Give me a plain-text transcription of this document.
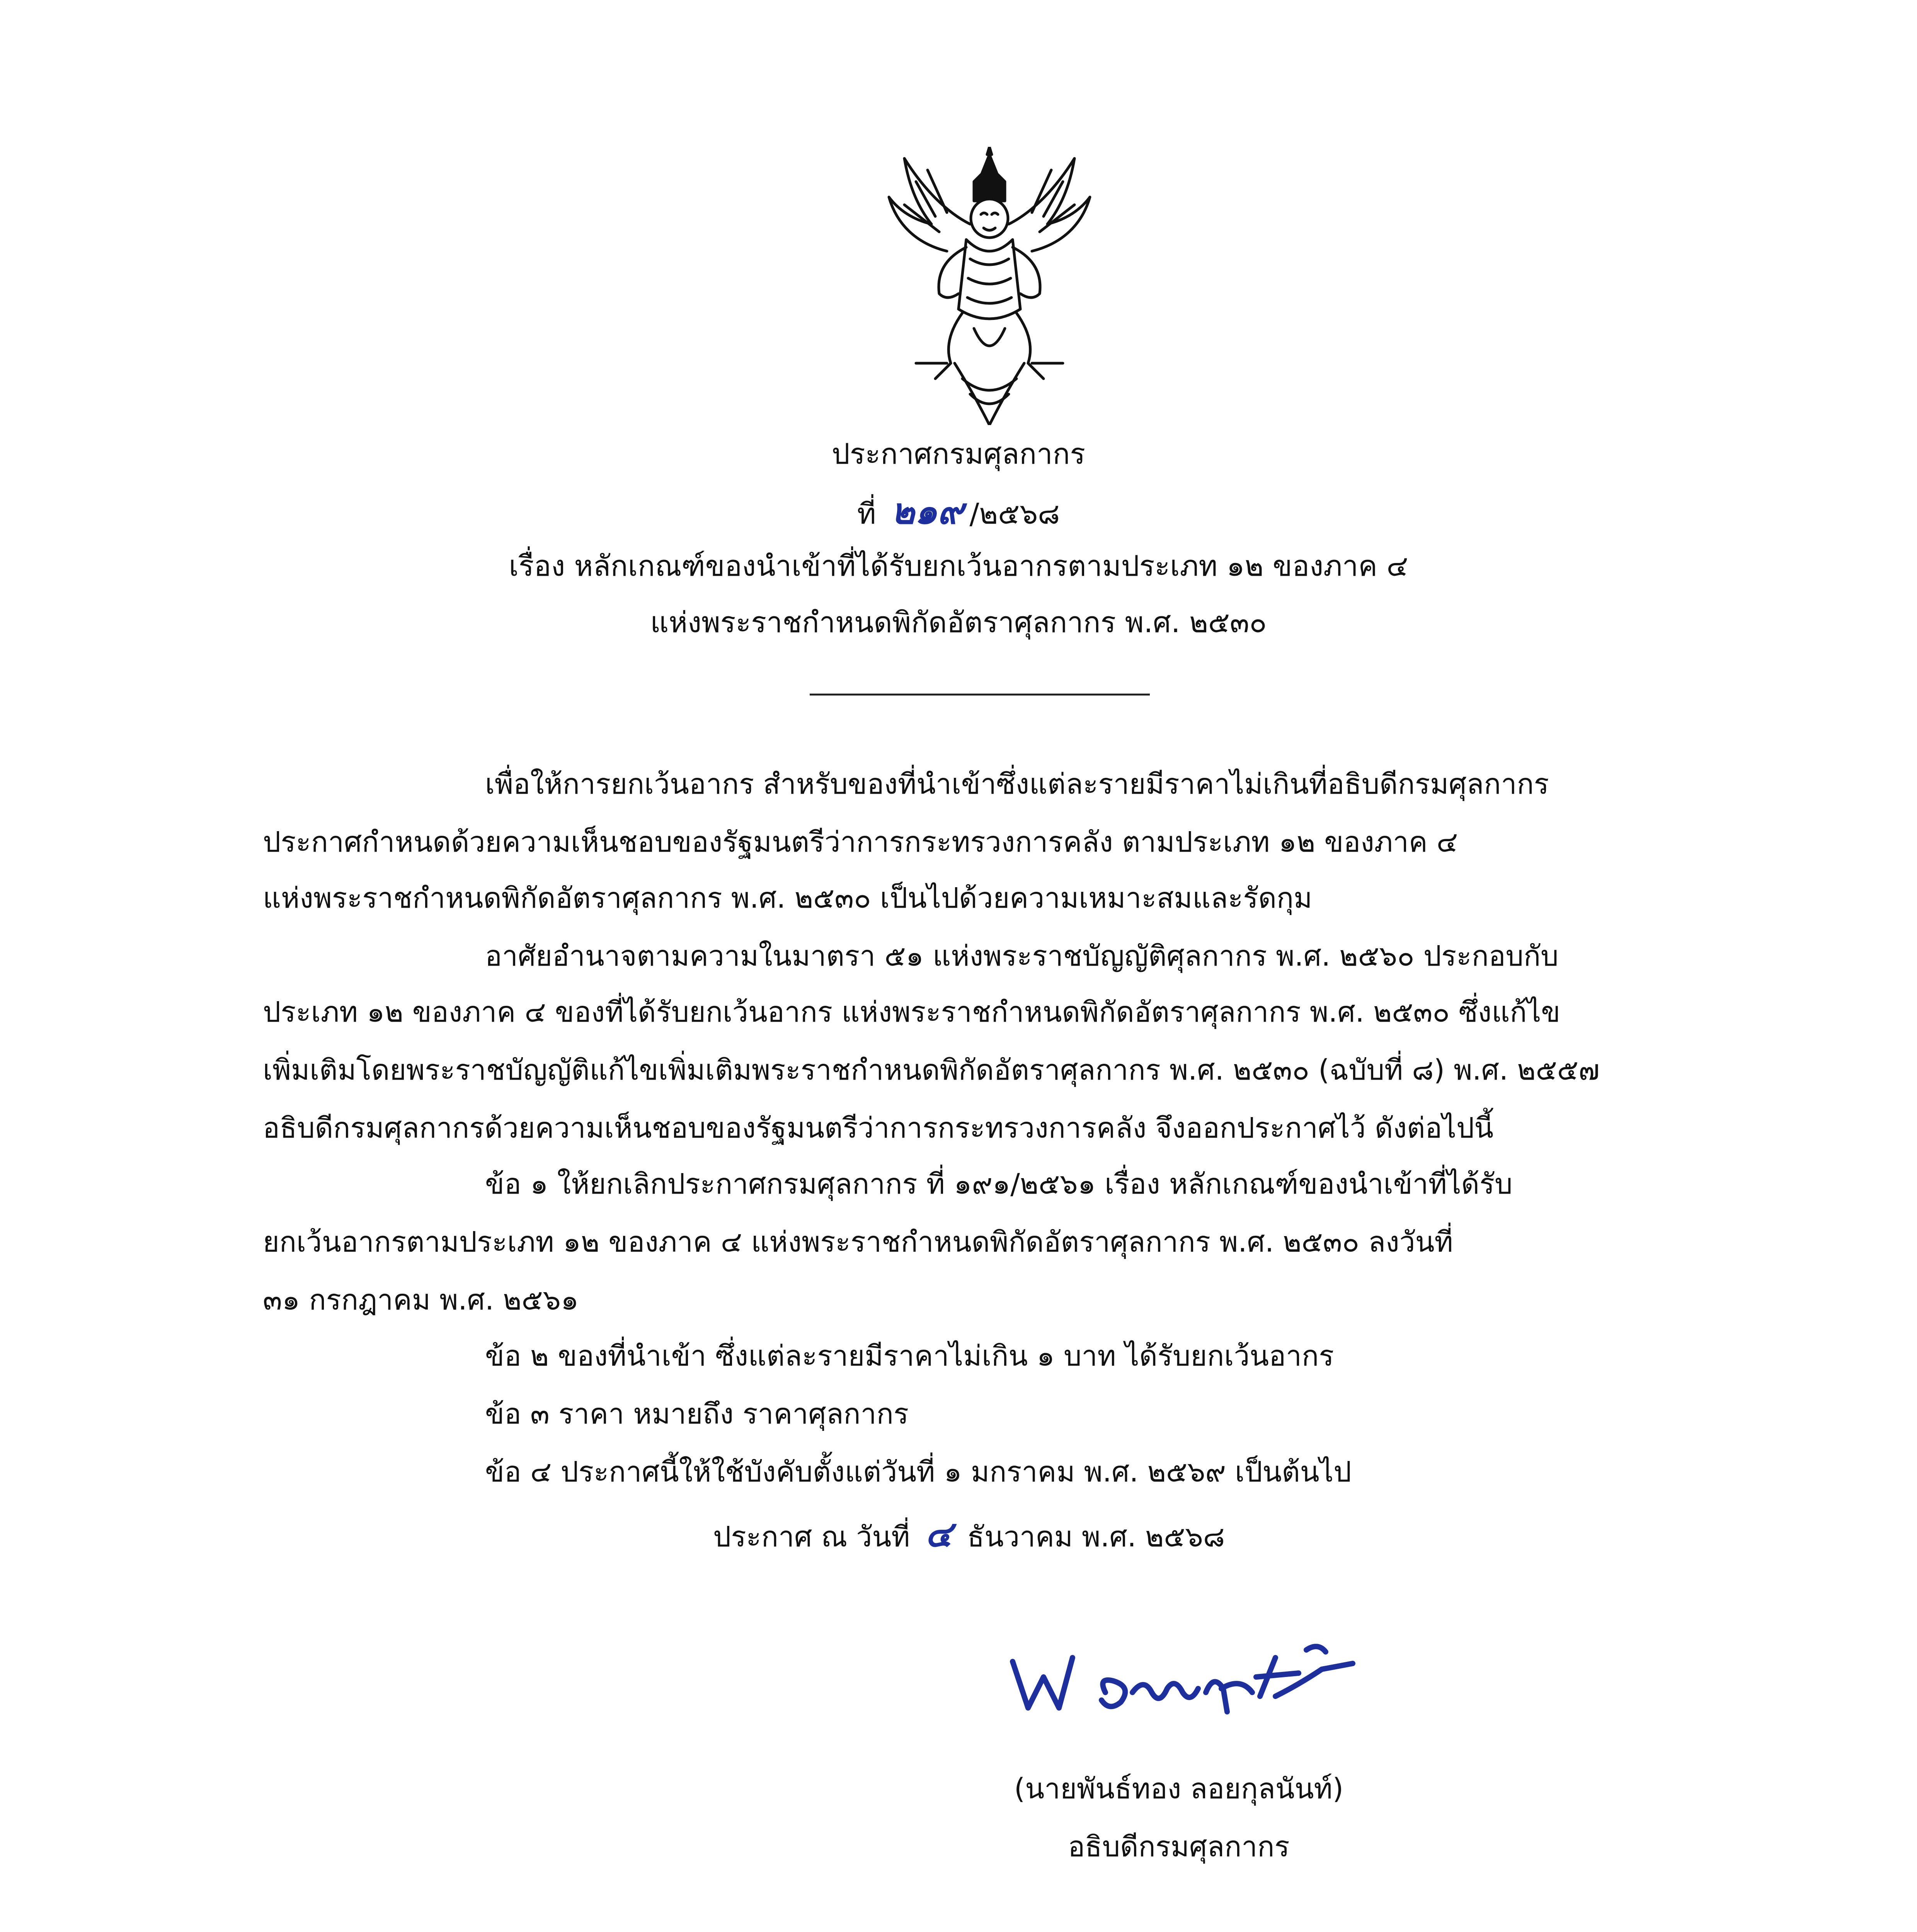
ประกาศกรมศุลกากร
ที่ ๒๑๙ /๒๕๖๘
เรื่อง หลักเกณฑ์ของนำเข้าที่ได้รับยกเว้นอากรตามประเภท ๑๒ ของภาค ๔
แห่งพระราชกำหนดพิกัดอัตราศุลกากร พ.ศ. ๒๕๓๐
เพื่อให้การยกเว้นอากร สำหรับของที่นำเข้าซึ่งแต่ละรายมีราคาไม่เกินที่อธิบดีกรมศุลกากร
ประกาศกำหนดด้วยความเห็นชอบของรัฐมนตรีว่าการกระทรวงการคลัง ตามประเภท ๑๒ ของภาค ๔
แห่งพระราชกำหนดพิกัดอัตราศุลกากร พ.ศ. ๒๕๓๐ เป็นไปด้วยความเหมาะสมและรัดกุม
อาศัยอำนาจตามความในมาตรา ๕๑ แห่งพระราชบัญญัติศุลกากร พ.ศ. ๒๕๖๐ ประกอบกับ
ประเภท ๑๒ ของภาค ๔ ของที่ได้รับยกเว้นอากร แห่งพระราชกำหนดพิกัดอัตราศุลกากร พ.ศ. ๒๕๓๐ ซึ่งแก้ไข
เพิ่มเติมโดยพระราชบัญญัติแก้ไขเพิ่มเติมพระราชกำหนดพิกัดอัตราศุลกากร พ.ศ. ๒๕๓๐ (ฉบับที่ ๘) พ.ศ. ๒๕๕๗
อธิบดีกรมศุลกากรด้วยความเห็นชอบของรัฐมนตรีว่าการกระทรวงการคลัง จึงออกประกาศไว้ ดังต่อไปนี้
ข้อ ๑ ให้ยกเลิกประกาศกรมศุลกากร ที่ ๑๙๑/๒๕๖๑ เรื่อง หลักเกณฑ์ของนำเข้าที่ได้รับ
ยกเว้นอากรตามประเภท ๑๒ ของภาค ๔ แห่งพระราชกำหนดพิกัดอัตราศุลกากร พ.ศ. ๒๕๓๐ ลงวันที่
๓๑ กรกฎาคม พ.ศ. ๒๕๖๑
ข้อ ๒ ของที่นำเข้า ซึ่งแต่ละรายมีราคาไม่เกิน ๑ บาท ได้รับยกเว้นอากร
ข้อ ๓ ราคา หมายถึง ราคาศุลกากร
ข้อ ๔ ประกาศนี้ให้ใช้บังคับตั้งแต่วันที่ ๑ มกราคม พ.ศ. ๒๕๖๙ เป็นต้นไป
ประกาศ ณ วันที่ ๔ ธันวาคม พ.ศ. ๒๕๖๘
(นายพันธ์ทอง ลอยกุลนันท์)
อธิบดีกรมศุลกากร
